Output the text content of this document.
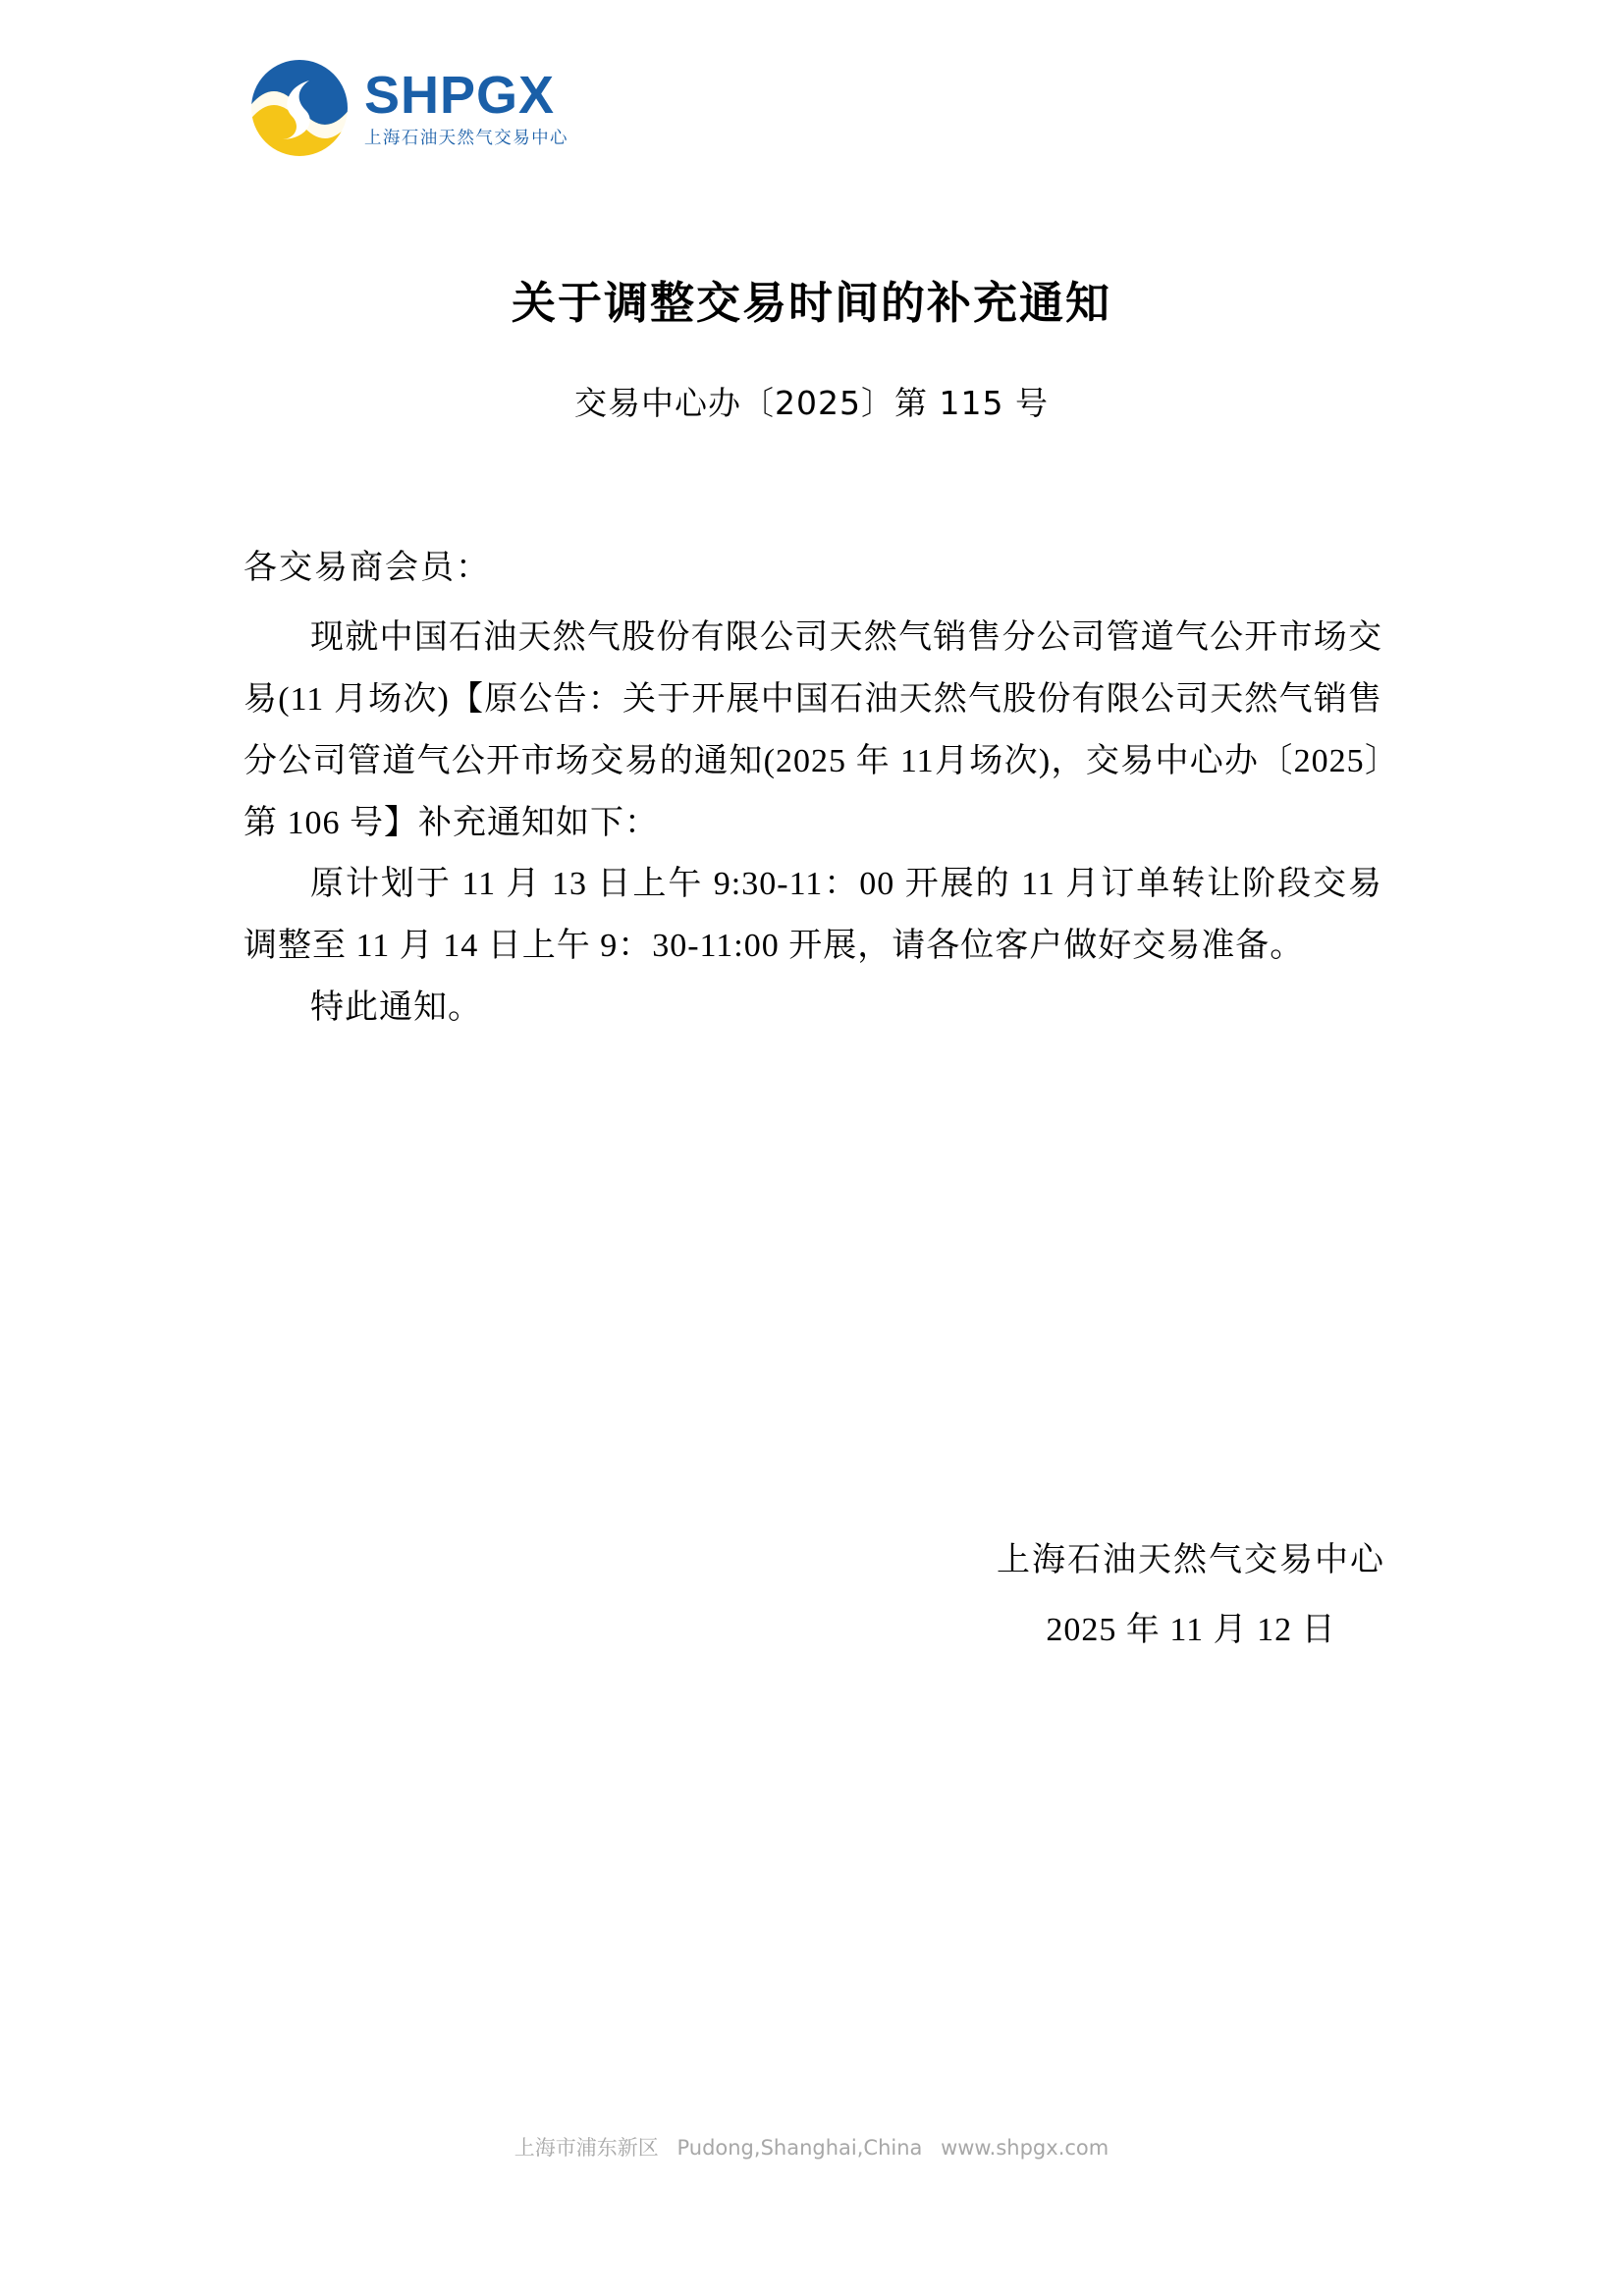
SHPGX
上海石油天然气交易中心
关于调整交易时间的补充通知
交易中心办〔2025〕第 115 号
各交易商会员：

现就中国石油天然气股份有限公司天然气销售分公司管道气公开市场交易(11 月场次)【原公告：关于开展中国石油天然气股份有限公司天然气销售分公司管道气公开市场交易的通知(2025 年 11月场次)，交易中心办〔2025〕第 106 号】补充通知如下：

原计划于 11 月 13 日上午 9:30-11：00 开展的 11 月订单转让阶段交易调整至 11 月 14 日上午 9：30-11:00 开展，请各位客户做好交易准备。

特此通知。

上海石油天然气交易中心
2025 年 11 月 12 日
上海市浦东新区 Pudong,Shanghai,China www.shpgx.com
